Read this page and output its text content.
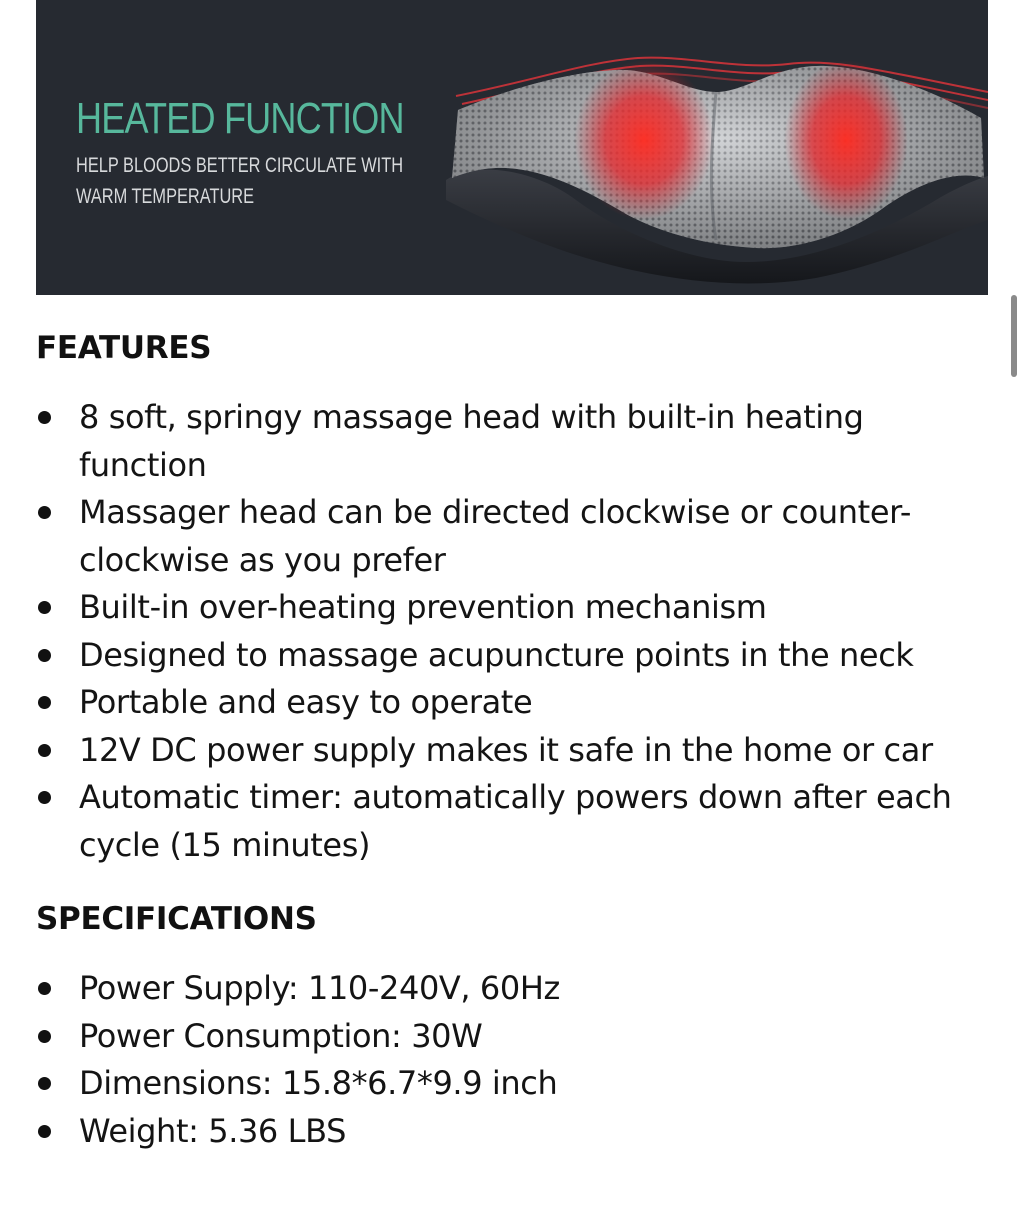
HEATED FUNCTION
HELP BLOODS BETTER CIRCULATE WITH
WARM TEMPERATURE
FEATURES
8 soft, springy massage head with built-in heating function
Massager head can be directed clockwise or counter-clockwise as you prefer
Built-in over-heating prevention mechanism
Designed to massage acupuncture points in the neck
Portable and easy to operate
12V DC power supply makes it safe in the home or car
Automatic timer: automatically powers down after each cycle (15 minutes)
SPECIFICATIONS
Power Supply: 110-240V, 60Hz
Power Consumption: 30W
Dimensions: 15.8*6.7*9.9 inch
Weight: 5.36 LBS
